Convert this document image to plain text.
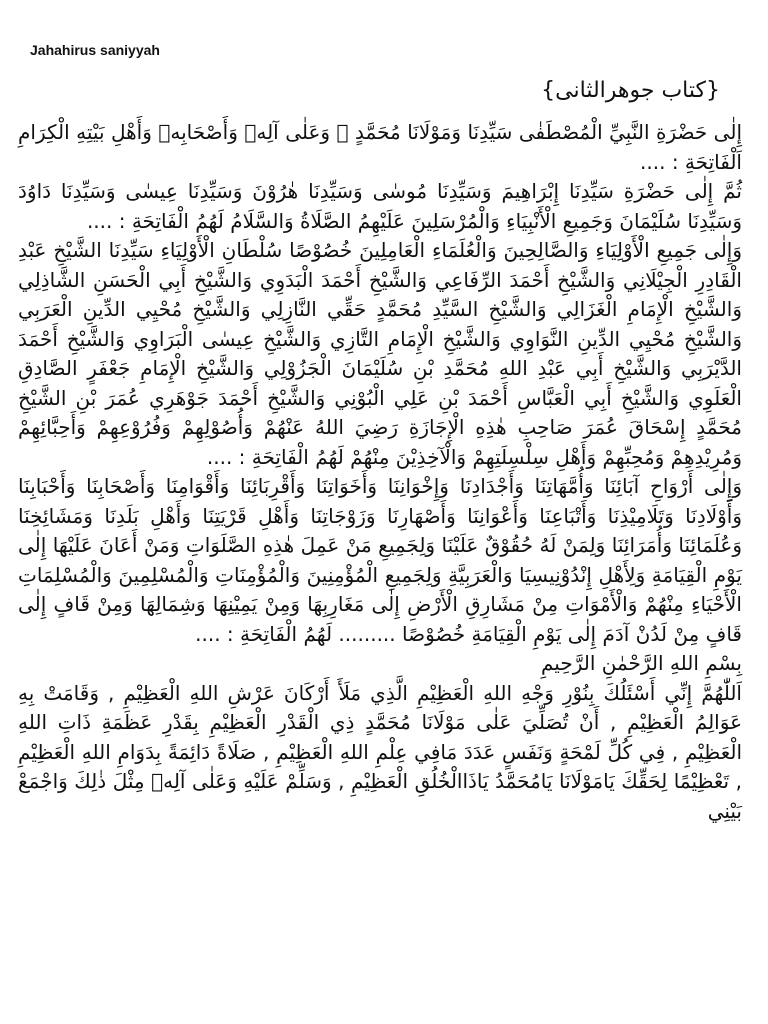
Jahahirus saniyyah
{كتاب جوهرالثانى}

إِلٰى حَضْرَةِ النَّبِيِّ الْمُصْطَفٰى سَيِّدِنَا وَمَوْلَانَا مُحَمَّدٍ ﷺ وَعَلٰى آلِهٖ وَأَصْحَابِهٖ وَأَهْلِ بَيْتِهِ الْكِرَامِ اَلْفَاتِحَةِ : ....

ثُمَّ إِلٰى حَضْرَةِ سَيِّدِنَا إِبْرَاهِيمَ وَسَيِّدِنَا مُوسٰى وَسَيِّدِنَا هٰرُوْنَ وَسَيِّدِنَا عِيسٰى وَسَيِّدِنَا دَاوُدَ وَسَيِّدِنَا سُلَيْمَانَ وَجَمِيعِ الْأَنْبِيَاءِ وَالْمُرْسَلِينَ عَلَيْهِمُ الصَّلَاةُ وَالسَّلَامُ لَهُمُ الْفَاتِحَةِ : ....

وَإِلٰى جَمِيعِ الْأَوْلِيَاءِ وَالصَّالِحِينَ وَالْعُلَمَاءِ الْعَامِلِينَ خُصُوْصًا سُلْطَانِ الْأَوْلِيَاءِ سَيِّدِنَا الشَّيْخِ عَبْدِ الْقَادِرِ الْجِيْلَانِي وَالشَّيْخِ أَحْمَدَ الرِّفَاعِي وَالشَّيْخِ أَحْمَدَ الْبَدَوِي وَالشَّيْخِ أَبِي الْحَسَنِ الشَّاذِلِي وَالشَّيْخِ الْإِمَامِ الْغَزَالِي وَالشَّيْخِ السَّيِّدِ مُحَمَّدٍ حَقِّي النَّازِلِي وَالشَّيْخِ مُحْيِي الدِّينِ الْعَرَبِي وَالشَّيْخِ مُحْيِي الدِّينِ النَّوَاوِي وَالشَّيْخِ الْإِمَامِ التَّازِي وَالشَّيْخِ عِيسٰى الْبَرَاوِي وَالشَّيْخِ أَحْمَدَ الدَّيْرَبِي وَالشَّيْخِ أَبِي عَبْدِ اللهِ مُحَمَّدِ بْنِ سُلَيْمَانَ الْجَزُوْلِي وَالشَّيْخِ الْإِمَامِ جَعْفَرٍ الصَّادِقِ الْعَلَوِي وَالشَّيْخِ أَبِي الْعَبَّاسِ أَحْمَدَ بْنِ عَلِي الْبُوْنِي وَالشَّيْخِ أَحْمَدَ جَوْهَرِي عُمَرَ بْنِ الشَّيْخِ مُحَمَّدٍ إِسْحَاقَ عُمَرَ صَاحِبِ هٰذِهِ الْإِجَازَةِ رَضِيَ اللهُ عَنْهُمْ وَأُصُوْلِهِمْ وَفُرُوْعِهِمْ وَأَحِبَّائِهِمْ وَمُرِيْدِهِمْ وَمُحِبِّهِمْ وَأَهْلِ سِلْسِلَتِهِمْ وَالْآخِذِيْنَ مِنْهُمْ لَهُمُ الْفَاتِحَةِ : ....

وَإِلٰى أَرْوَاحِ آبَائِنَا وَأُمَّهَاتِنَا وَأَجْدَادِنَا وَإِخْوَانِنَا وَأَخَوَاتِنَا وَأَقْرِبَائِنَا وَأَقْوَامِنَا وَأَصْحَابِنَا وَأَحْبَابِنَا وَأَوْلَادِنَا وَتَلَامِيْذِنَا وَأَتْبَاعِنَا وَأَعْوَانِنَا وَأَصْهَارِنَا وَزَوْجَاتِنَا وَأَهْلِ قَرْيَتِنَا وَأَهْلِ بَلَدِنَا وَمَشَائِخِنَا وَعُلَمَائِنَا وَأُمَرَائِنَا وَلِمَنْ لَهُ حُقُوْقٌ عَلَيْنَا وَلِجَمِيعِ مَنْ عَمِلَ هٰذِهِ الصَّلَوَاتِ وَمَنْ أَعَانَ عَلَيْهَا إِلٰى يَوْمِ الْقِيَامَةِ وَلِأَهْلِ إِنْدُوْنِيسِيَا وَالْعَرَبِيَّةِ وَلِجَمِيعِ الْمُؤْمِنِينَ وَالْمُؤْمِنَاتِ وَالْمُسْلِمِينَ وَالْمُسْلِمَاتِ الْأَحْيَاءِ مِنْهُمْ وَالْأَمْوَاتِ مِنْ مَشَارِقِ الْأَرْضِ إِلٰى مَغَارِبِهَا وَمِنْ يَمِيْنِهَا وَشِمَالِهَا وَمِنْ قَافٍ إِلٰى قَافٍ مِنْ لَدُنْ آدَمَ إِلٰى يَوْمِ الْقِيَامَةِ خُصُوْصًا ......... لَهُمُ الْفَاتِحَةِ : ....

بِسْمِ اللهِ الرَّحْمٰنِ الرَّحِيمِ

اَللّٰهُمَّ إِنِّي أَسْئَلُكَ بِنُوْرِ وَجْهِ اللهِ الْعَظِيْمِ الَّذِي مَلَأَ أَرْكَانَ عَرْشِ اللهِ الْعَظِيْمِ , وَقَامَتْ بِهِ عَوَالِمُ الْعَظِيْمِ , أَنْ تُصَلِّيَ عَلٰى مَوْلَانَا مُحَمَّدٍ ذِي الْقَدْرِ الْعَظِيْمِ بِقَدْرِ عَظَمَةِ ذَاتِ اللهِ الْعَظِيْمِ , فِي كُلِّ لَمْحَةٍ وَنَفَسٍ عَدَدَ مَافِي عِلْمِ اللهِ الْعَظِيْمِ , صَلَاةً دَائِمَةً بِدَوَامِ اللهِ الْعَظِيْمِ , تَعْظِيْمًا لِحَقِّكَ يَامَوْلَانَا يَامُحَمَّدُ يَاذَاالْخُلُقِ الْعَظِيْمِ , وَسَلِّمْ عَلَيْهِ وَعَلٰى آلِهٖ مِثْلَ ذٰلِكَ وَاجْمَعْ بَيْنِي
